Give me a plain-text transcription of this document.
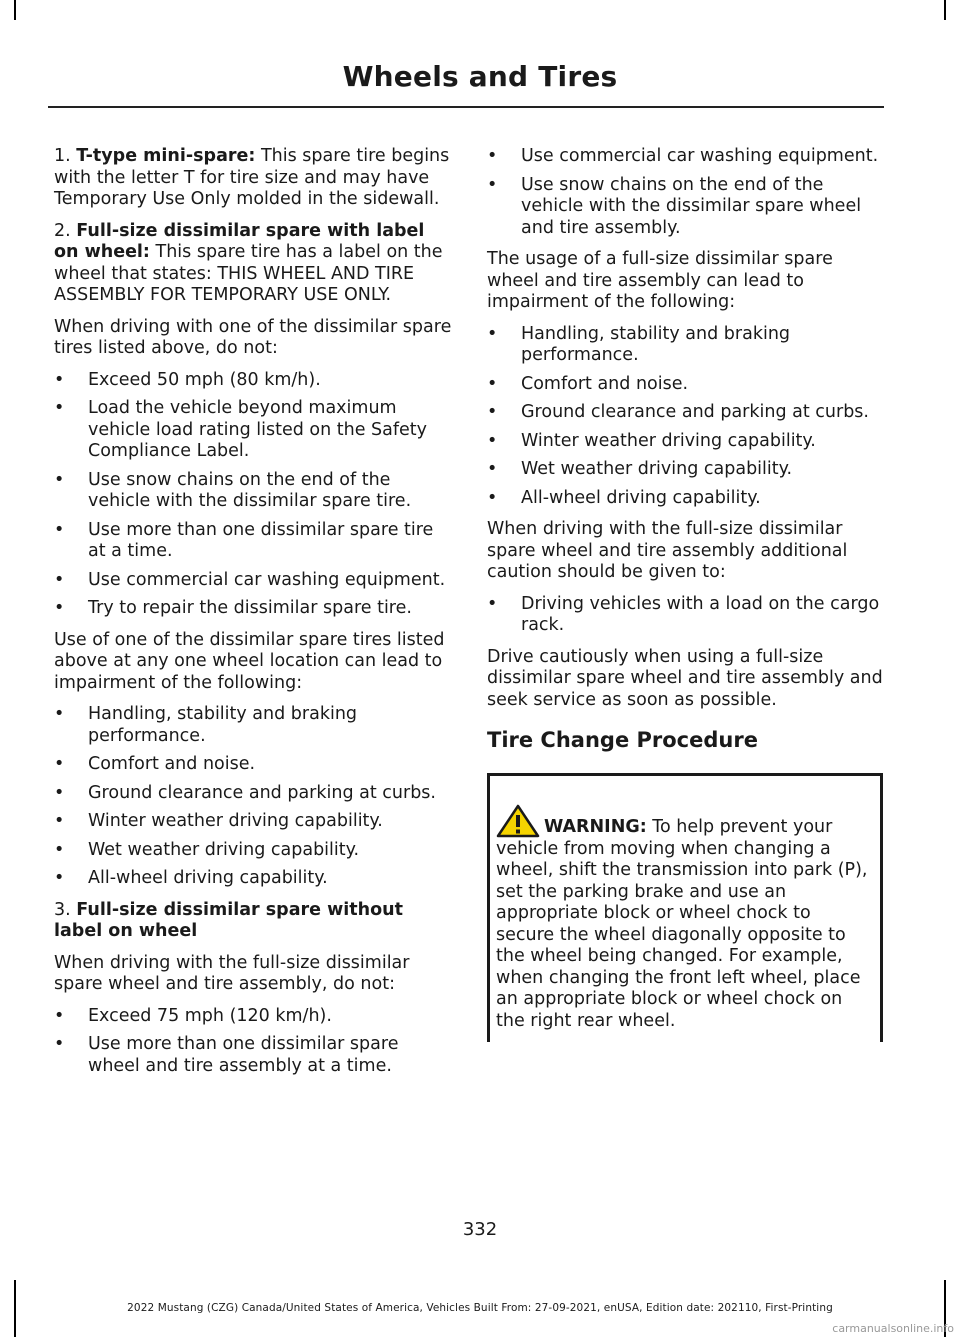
Wheels and Tires

1. T-type mini-spare: This spare tire begins with the letter T for tire size and may have Temporary Use Only molded in the sidewall.

2. Full-size dissimilar spare with label on wheel: This spare tire has a label on the wheel that states: THIS WHEEL AND TIRE ASSEMBLY FOR TEMPORARY USE ONLY.

When driving with one of the dissimilar spare tires listed above, do not:

• Exceed 50 mph (80 km/h).
• Load the vehicle beyond maximum vehicle load rating listed on the Safety Compliance Label.
• Use snow chains on the end of the vehicle with the dissimilar spare tire.
• Use more than one dissimilar spare tire at a time.
• Use commercial car washing equipment.
• Try to repair the dissimilar spare tire.

Use of one of the dissimilar spare tires listed above at any one wheel location can lead to impairment of the following:

• Handling, stability and braking performance.
• Comfort and noise.
• Ground clearance and parking at curbs.
• Winter weather driving capability.
• Wet weather driving capability.
• All-wheel driving capability.

3. Full-size dissimilar spare without label on wheel

When driving with the full-size dissimilar spare wheel and tire assembly, do not:

• Exceed 75 mph (120 km/h).
• Use more than one dissimilar spare wheel and tire assembly at a time.
• Use commercial car washing equipment.
• Use snow chains on the end of the vehicle with the dissimilar spare wheel and tire assembly.

The usage of a full-size dissimilar spare wheel and tire assembly can lead to impairment of the following:

• Handling, stability and braking performance.
• Comfort and noise.
• Ground clearance and parking at curbs.
• Winter weather driving capability.
• Wet weather driving capability.
• All-wheel driving capability.

When driving with the full-size dissimilar spare wheel and tire assembly additional caution should be given to:

• Driving vehicles with a load on the cargo rack.

Drive cautiously when using a full-size dissimilar spare wheel and tire assembly and seek service as soon as possible.

Tire Change Procedure

WARNING: To help prevent your vehicle from moving when changing a wheel, shift the transmission into park (P), set the parking brake and use an appropriate block or wheel chock to secure the wheel diagonally opposite to the wheel being changed. For example, when changing the front left wheel, place an appropriate block or wheel chock on the right rear wheel.

332
2022 Mustang (CZG) Canada/United States of America, Vehicles Built From: 27-09-2021, enUSA, Edition date: 202110, First-Printing
carmanualsonline.info
